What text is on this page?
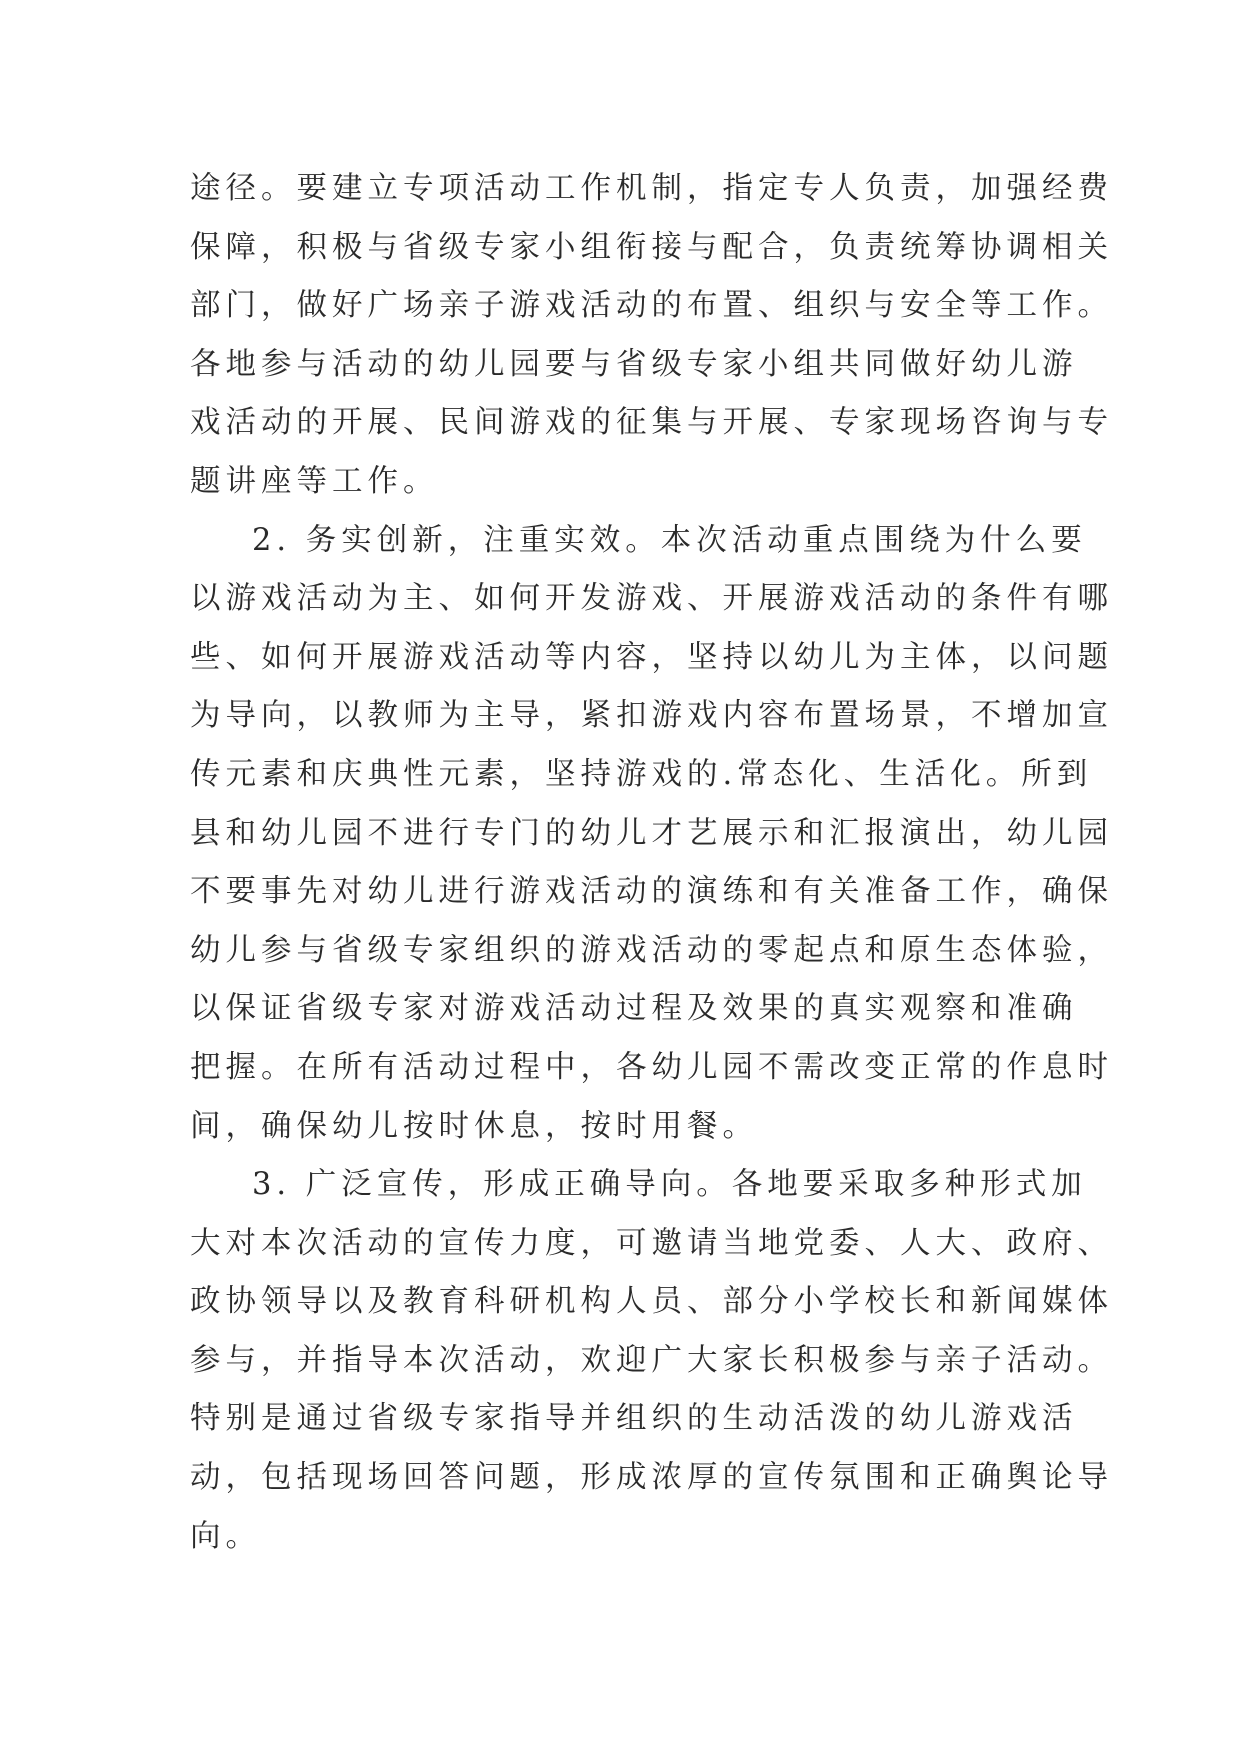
途径。要建立专项活动工作机制，指定专人负责，加强经费
保障，积极与省级专家小组衔接与配合，负责统筹协调相关
部门，做好广场亲子游戏活动的布置、组织与安全等工作。
各地参与活动的幼儿园要与省级专家小组共同做好幼儿游
戏活动的开展、民间游戏的征集与开展、专家现场咨询与专
题讲座等工作。
2. 务实创新，注重实效。本次活动重点围绕为什么要
以游戏活动为主、如何开发游戏、开展游戏活动的条件有哪
些、如何开展游戏活动等内容，坚持以幼儿为主体，以问题
为导向，以教师为主导，紧扣游戏内容布置场景，不增加宣
传元素和庆典性元素，坚持游戏的.常态化、生活化。所到
县和幼儿园不进行专门的幼儿才艺展示和汇报演出，幼儿园
不要事先对幼儿进行游戏活动的演练和有关准备工作，确保
幼儿参与省级专家组织的游戏活动的零起点和原生态体验，
以保证省级专家对游戏活动过程及效果的真实观察和准确
把握。在所有活动过程中，各幼儿园不需改变正常的作息时
间，确保幼儿按时休息，按时用餐。
3. 广泛宣传，形成正确导向。各地要采取多种形式加
大对本次活动的宣传力度，可邀请当地党委、人大、政府、
政协领导以及教育科研机构人员、部分小学校长和新闻媒体
参与，并指导本次活动，欢迎广大家长积极参与亲子活动。
特别是通过省级专家指导并组织的生动活泼的幼儿游戏活
动，包括现场回答问题，形成浓厚的宣传氛围和正确舆论导
向。
